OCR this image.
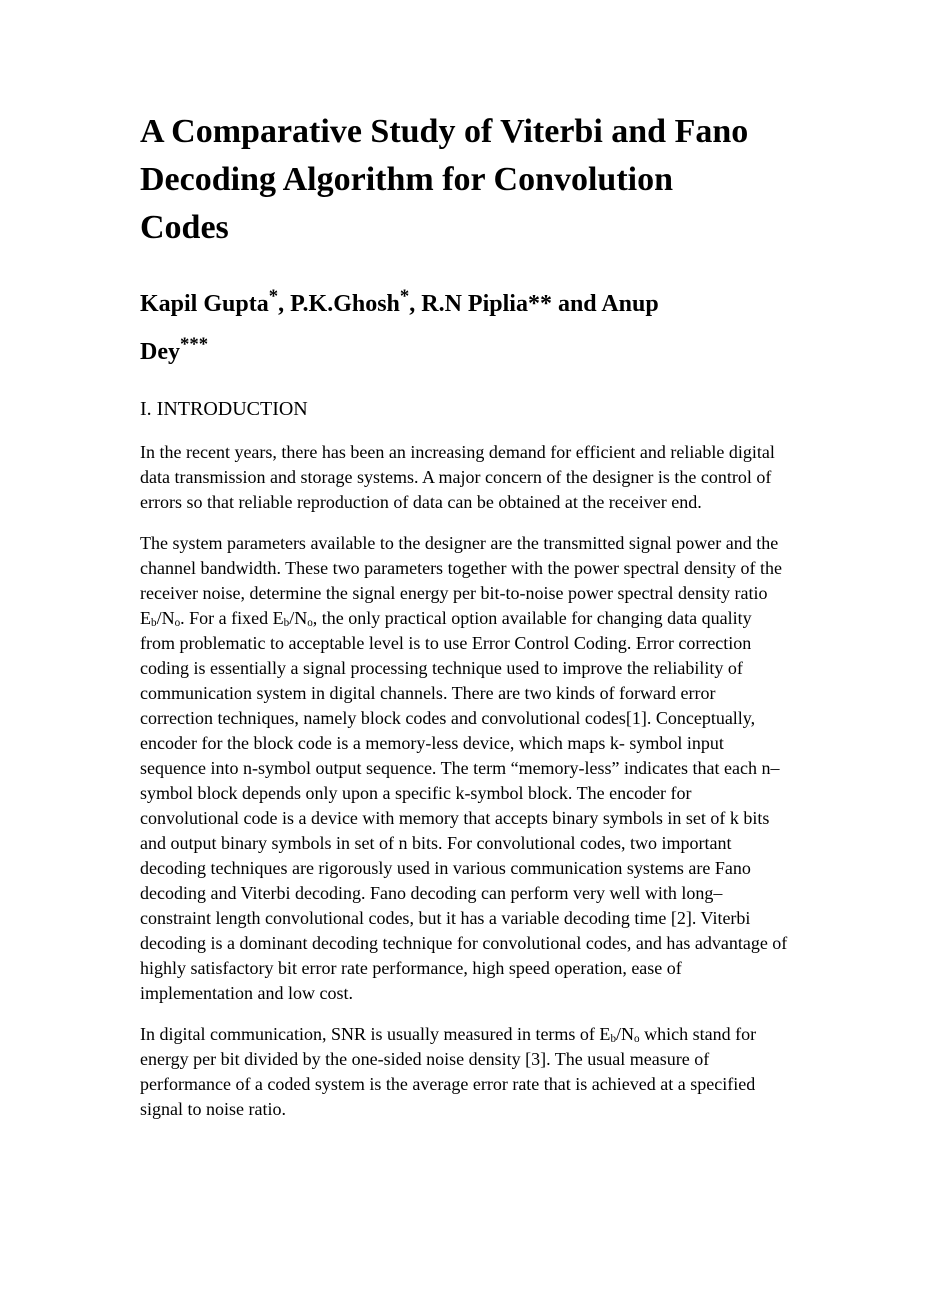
A Comparative Study of Viterbi and Fano
Decoding Algorithm for Convolution
Codes
Kapil Gupta*, P.K.Ghosh*, R.N Piplia** and Anup
Dey***
I. INTRODUCTION

In the recent years, there has been an increasing demand for efficient and reliable digital data transmission and storage systems. A major concern of the designer is the control of errors so that reliable reproduction of data can be obtained at the receiver end.

The system parameters available to the designer are the transmitted signal power and the channel bandwidth. These two parameters together with the power spectral density of the receiver noise, determine the signal energy per bit-to-noise power spectral density ratio $E_b/N_o$. For a fixed $E_b/N_o$, the only practical option available for changing data quality from problematic to acceptable level is to use Error Control Coding. Error correction coding is essentially a signal processing technique used to improve the reliability of communication system in digital channels. There are two kinds of forward error correction techniques, namely block codes and convolutional codes[1]. Conceptually, encoder for the block code is a memory-less device, which maps k- symbol input sequence into n-symbol output sequence. The term “memory-less” indicates that each n–symbol block depends only upon a specific k-symbol block. The encoder for convolutional code is a device with memory that accepts binary symbols in set of k bits and output binary symbols in set of n bits. For convolutional codes, two important decoding techniques are rigorously used in various communication systems are Fano decoding and Viterbi decoding. Fano decoding can perform very well with long–constraint length convolutional codes, but it has a variable decoding time [2]. Viterbi decoding is a dominant decoding technique for convolutional codes, and has advantage of highly satisfactory bit error rate performance, high speed operation, ease of implementation and low cost.

In digital communication, SNR is usually measured in terms of $E_b/N_o$ which stand for energy per bit divided by the one-sided noise density [3]. The usual measure of performance of a coded system is the average error rate that is achieved at a specified signal to noise ratio.
